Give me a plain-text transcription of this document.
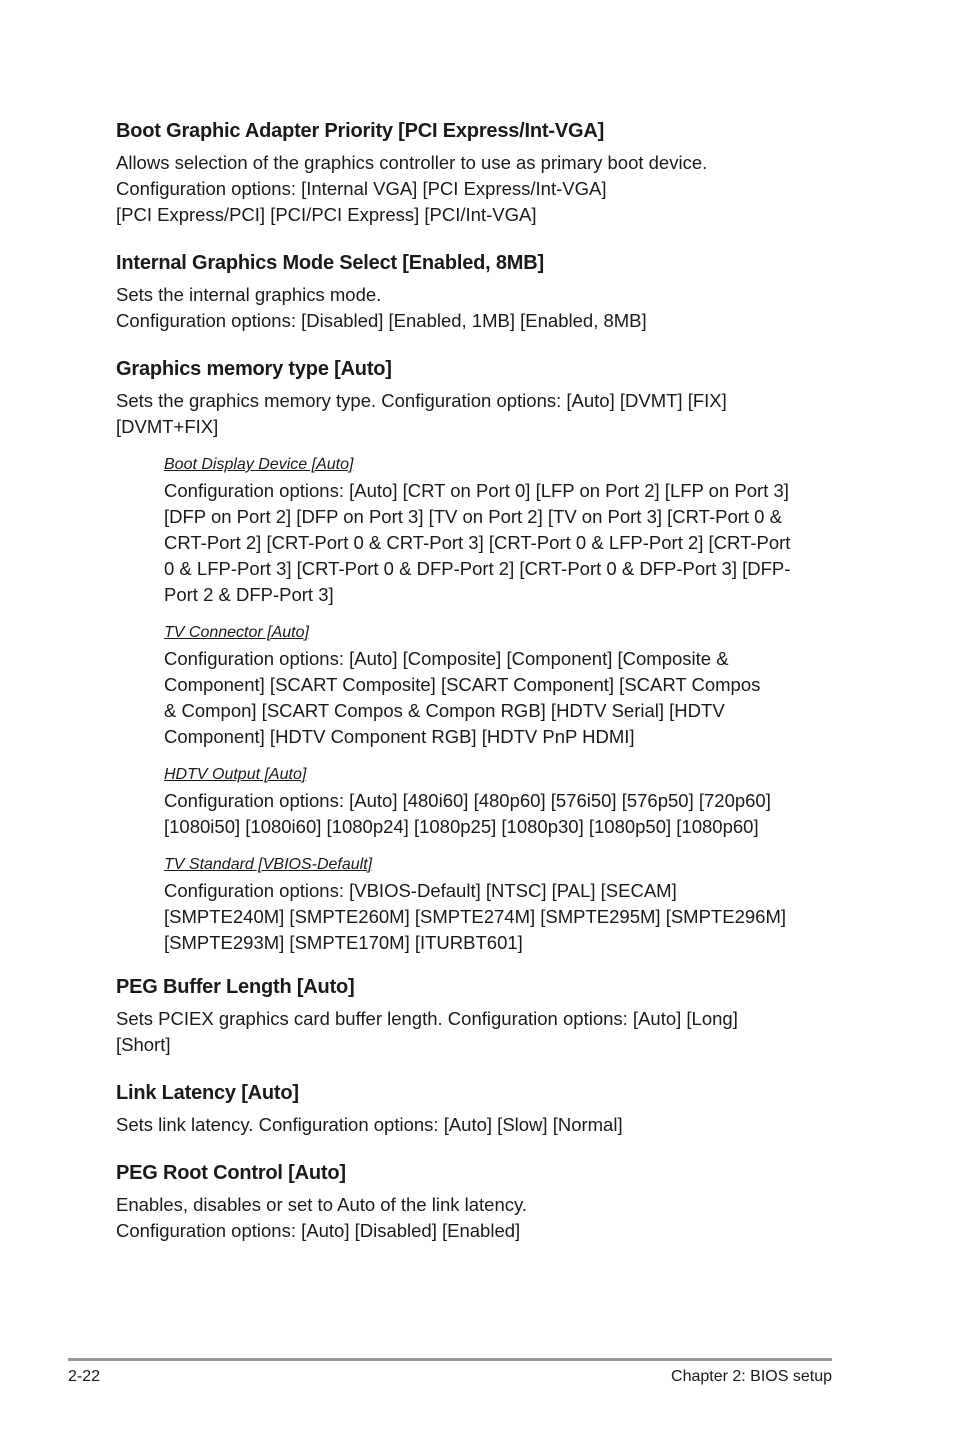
Boot Graphic Adapter Priority [PCI Express/Int-VGA]
Allows selection of the graphics controller to use as primary boot device.
Configuration options: [Internal VGA] [PCI Express/Int-VGA]
[PCI Express/PCI] [PCI/PCI Express] [PCI/Int-VGA]
Internal Graphics Mode Select [Enabled, 8MB]
Sets the internal graphics mode.
Configuration options: [Disabled] [Enabled, 1MB] [Enabled, 8MB]
Graphics memory type [Auto]
Sets the graphics memory type. Configuration options: [Auto] [DVMT] [FIX]
[DVMT+FIX]
Boot Display Device [Auto]
Configuration options: [Auto] [CRT on Port 0] [LFP on Port 2] [LFP on Port 3]
[DFP on Port 2] [DFP on Port 3] [TV on Port 2] [TV on Port 3] [CRT-Port 0 &
CRT-Port 2] [CRT-Port 0 & CRT-Port 3] [CRT-Port 0 & LFP-Port 2] [CRT-Port
0 & LFP-Port 3] [CRT-Port 0 & DFP-Port 2] [CRT-Port 0 & DFP-Port 3] [DFP-
Port 2 & DFP-Port 3]
TV Connector [Auto]
Configuration options: [Auto] [Composite] [Component] [Composite &
Component] [SCART Composite] [SCART Component] [SCART Compos
& Compon] [SCART Compos & Compon RGB] [HDTV Serial] [HDTV
Component] [HDTV Component RGB] [HDTV PnP HDMI]
HDTV Output [Auto]
Configuration options: [Auto] [480i60] [480p60] [576i50] [576p50] [720p60]
[1080i50] [1080i60] [1080p24] [1080p25] [1080p30] [1080p50] [1080p60]
TV Standard [VBIOS-Default]
Configuration options: [VBIOS-Default] [NTSC] [PAL] [SECAM]
[SMPTE240M] [SMPTE260M] [SMPTE274M] [SMPTE295M] [SMPTE296M]
[SMPTE293M] [SMPTE170M] [ITURBT601]
PEG Buffer Length [Auto]
Sets PCIEX graphics card buffer length. Configuration options: [Auto] [Long]
[Short]
Link Latency [Auto]
Sets link latency. Configuration options: [Auto] [Slow] [Normal]
PEG Root Control [Auto]
Enables, disables or set to Auto of the link latency.
Configuration options: [Auto] [Disabled] [Enabled]
2-22	Chapter 2: BIOS setup
